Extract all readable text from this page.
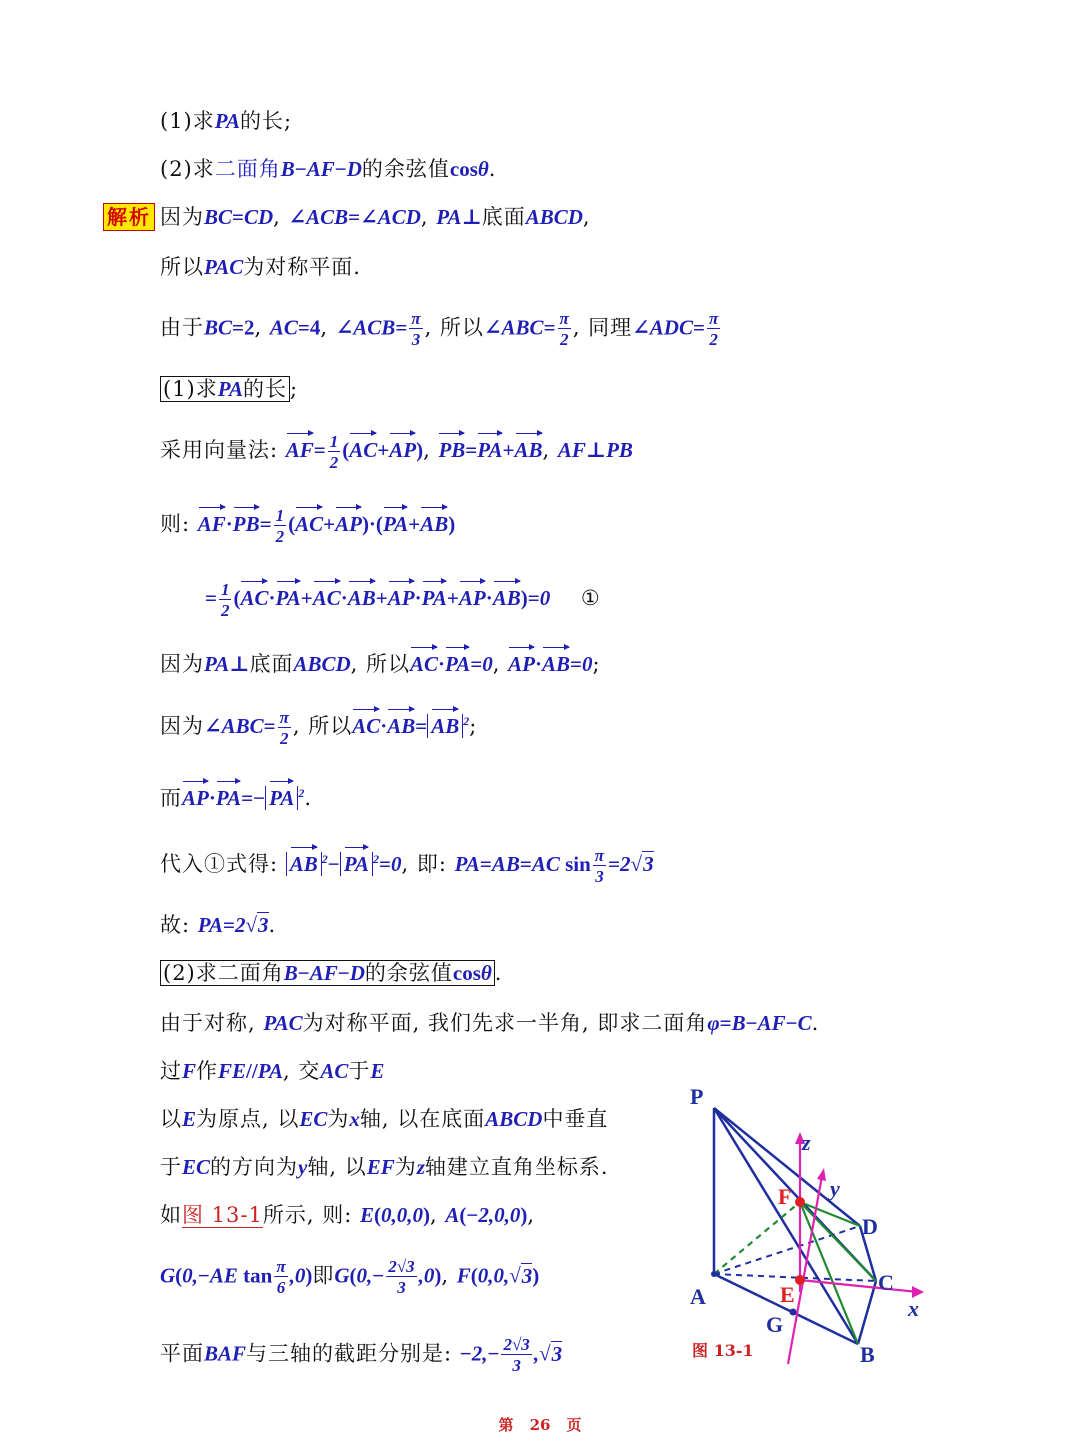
(1)求PA的长;
(2)求二面角B−AF−D的余弦值cosθ.
解析 因为BC=CD, ∠ACB=∠ACD, PA⊥底面ABCD,
所以PAC为对称平面.
由于BC=2, AC=4, ∠ACB= $\frac{\pi}{3}$ , 所以∠ABC= $\frac{\pi}{2}$ , 同理∠ADC= $\frac{\pi}{2}$
(1)求PA的长 ;
采用向量法: $AF= \frac{1}{2} (AC+AP)$, PB=PA+AB, AF⊥PB
则: $AF\cdot PB= \frac{1}{2} (AC+AP)\cdot(PA+AB)$
= $\frac{1}{2} (AC\cdot PA+AC\cdot AB+AP\cdot PA+AP\cdot AB)=0$    ①
因为PA⊥底面ABCD, 所以AC·PA=0, AP·AB=0;
因为∠ABC= $\frac{\pi}{2}$ , 所以AC·AB= AB $^2$;
而AP·PA=− PA $^2$.
代入①式得: AB $^2$− PA $^2$=0, 即: PA=AB=AC $\sin \frac{\pi}{3} =2√3$
故: PA=2√3.
(2)求二面角B−AF−D的余弦值cosθ .
由于对称, PAC为对称平面, 我们先求一半角, 即求二面角φ=B−AF−C.
过F作FE//PA, 交AC于E
以E为原点, 以EC为x轴, 以在底面ABCD中垂直
于EC的方向为y轴, 以EF为z轴建立直角坐标系.
如图 13-1所示, 则: E(0,0,0), A(−2,0,0),
G(0,−AE $\tan \frac{\pi}{6} ,0$)即$G(0,- \frac{2√3}{3} ,0)$, F(0,0,√3)
平面BAF与三轴的截距分别是: $-2,- \frac{2√3}{3} ,√3$
P
A
B
C
D
F
E
G
x
y
z
图 13-1
第 26 页
